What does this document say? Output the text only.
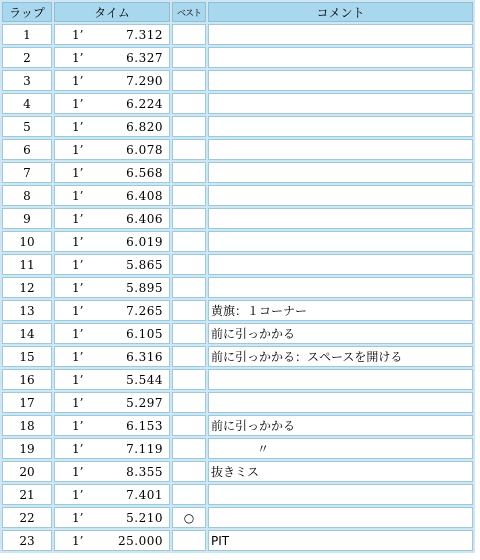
ラップ	タイム	ベスト	コメント
1	1’ 7.312		

2	1’ 6.327		

3	1’ 7.290		

4	1’ 6.224		

5	1’ 6.820		

6	1’ 6.078		

7	1’ 6.568		

8	1’ 6.408		

9	1’ 6.406		

10	1’ 6.019		

11	1’ 5.865		

12	1’ 5.895		

13	1’ 7.265		黄旗：１コーナー
14	1’ 6.105		前に引っかかる
15	1’ 6.316		前に引っかかる：スペースを開ける
16	1’ 5.544		

17	1’ 5.297		

18	1’ 6.153		前に引っかかる
19	1’ 7.119		〃
20	1’ 8.355		抜きミス
21	1’ 7.401		

22	1’ 5.210	○	
23	1’ 25.000		PIT
